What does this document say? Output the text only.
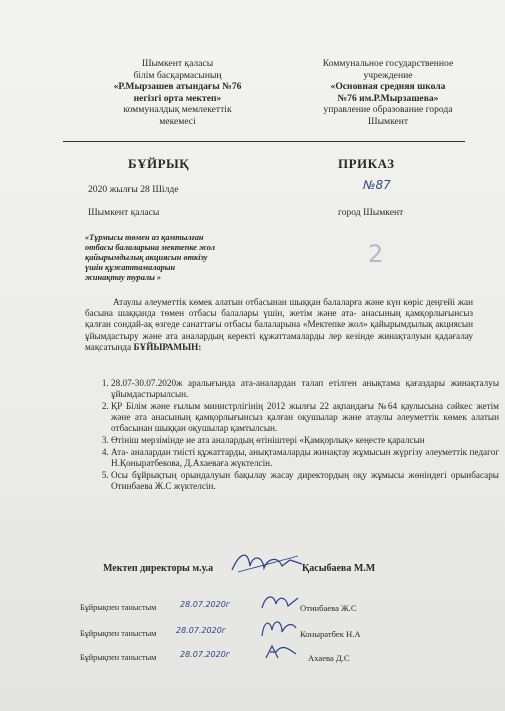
Шымкент қаласы
білім басқармасының
«Р.Мырзашев атындағы №76
негізгі орта мектеп»
коммуналдық мемлекеттік
мекемесі
Коммунальное государственное
учреждение
«Основная средняя школа
№76 им.Р.Мырзашева»
управление образование города
Шымкент
БҰЙРЫҚ	ПРИКАЗ
2020 жылғы 28 Шілде	№87
Шымкент қаласы	город Шымкент
«Тұрмысы төмен аз қамтылған
отбасы балаларына мектепке жол
қайырымдылық акциясын өткізу
үшін құжаттамаларын
жинақтау туралы »
2
Атаулы әлеуметтік көмек алатын отбасынан шыққан балаларға және күн көріс деңгейі жан басына шаққанда төмен отбасы балалары үшін, жетім және ата- анасының қамқорлығынсыз қалған сондай-ақ өзгеде санаттағы отбасы балаларына «Мектепке жол» қайырымдылық акциясын ұйымдастыру және ата аналардың керекті құжаттамаларды лер кезінде жинақталуын қадағалау мақсатында БҰЙЫРАМЫН:
1. 28.07-30.07.2020ж аралығында ата-аналардан талап етілген анықтама қағаздары жинақталуы ұйымдастырылсын.
2. ҚР Білім және ғылым министрлігінің 2012 жылғы 22 ақпандағы №64 қаулысына сәйкес жетім және ата анасының қамқорлығынсыз қалған оқушылар және атаулы әлеуметтік көмек алатын отбасынан шыққан оқушылар қамтылсын.
3. Өтініш мерзімінде ие ата аналардың өтініштері «Қамқорлық» кеңесте қаралсын
4. Ата- аналардан тиісті құжаттарды, анықтамаларды жинақтау жұмысын жүргізу әлеуметтік педагог Н.Қоныратбекова, Д.Ахаеваға жүктелсін.
5. Осы бұйрықтың орындалуын бақылау жасау директордың оқу жұмысы жөніндегі орынбасары Отинбаева Ж.С жүктелсін.
Мектеп директоры м.у.а	Қасыбаева М.М
Бұйрықпен таныстым	28.07.2020г	Отинбаева Ж.С
Бұйрықпен таныстым 28.07.2020г	Коныратбек Н.А
Бұйрықпен таныстым	28.07.2020г	Ахаева Д.С
